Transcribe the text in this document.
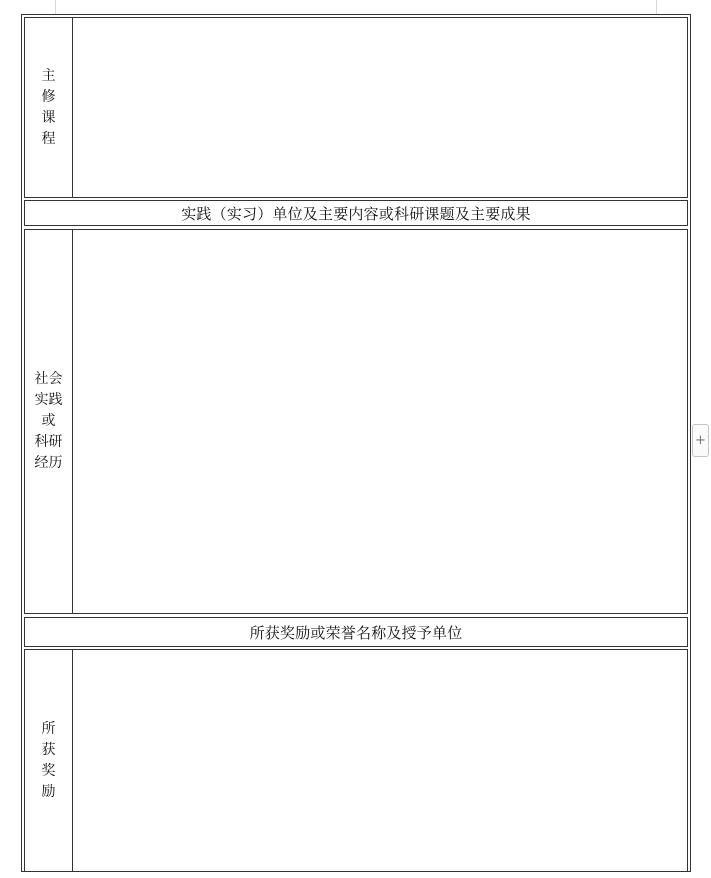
主
修
课
程
实践（实习）单位及主要内容或科研课题及主要成果
社会
实践
或
科研
经历
所获奖励或荣誉名称及授予单位
所
获
奖
励
+
